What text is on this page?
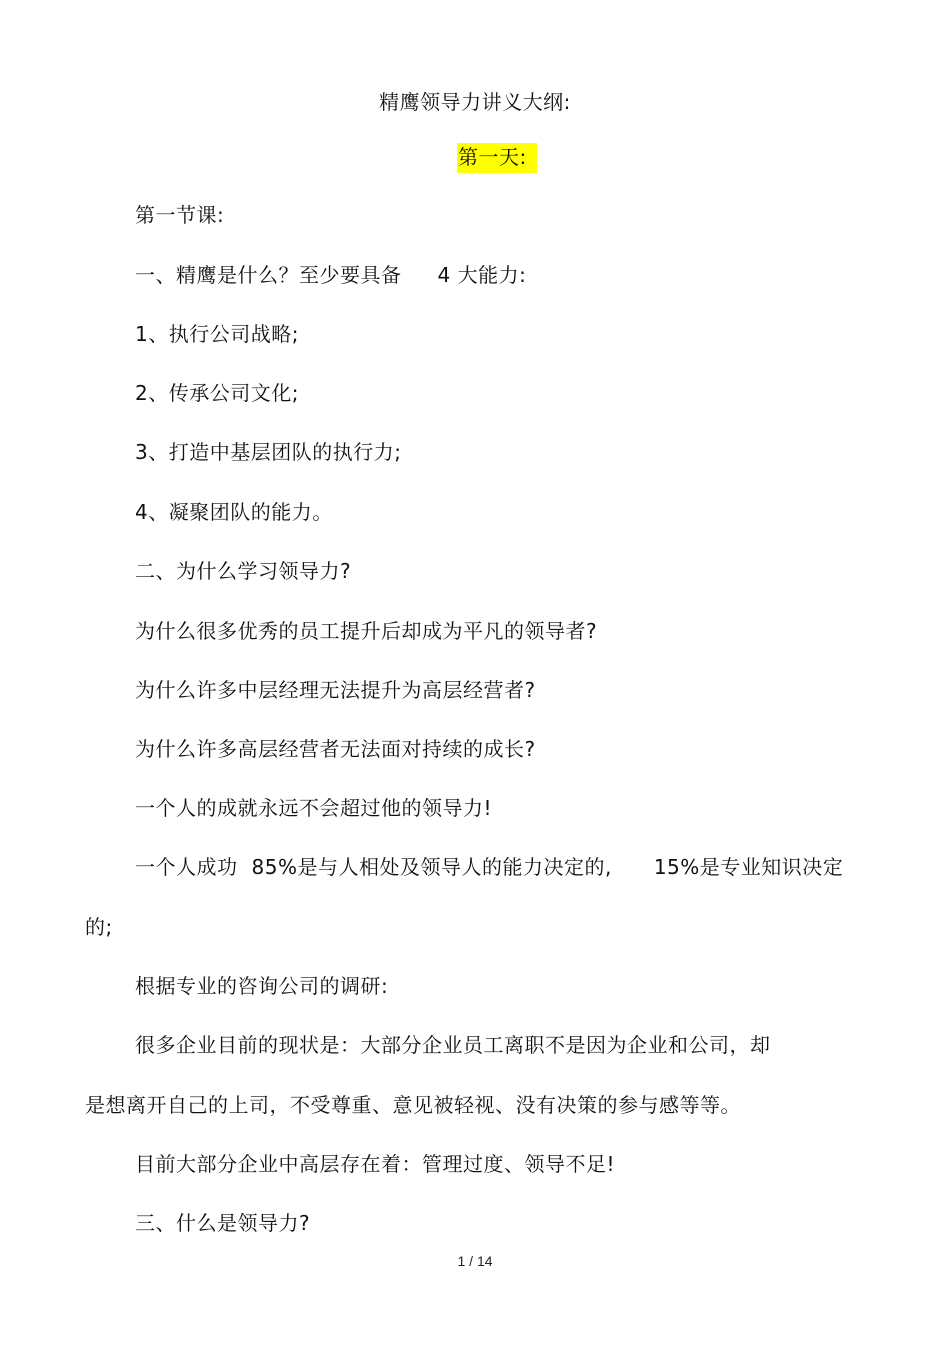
精鹰领导力讲义大纲:
第一天:
第一节课:
一、精鹰是什么？至少要具备 4 大能力:
1、执行公司战略;
2、传承公司文化;
3、打造中基层团队的执行力;
4、凝聚团队的能力。
二、为什么学习领导力?
为什么很多优秀的员工提升后却成为平凡的领导者?
为什么许多中层经理无法提升为高层经营者?
为什么许多高层经营者无法面对持续的成长?
一个人的成就永远不会超过他的领导力!
一个人成功 85%是与人相处及领导人的能力决定的, 15%是专业知识决定
的;
根据专业的咨询公司的调研:
很多企业目前的现状是：大部分企业员工离职不是因为企业和公司，却
是想离开自己的上司，不受尊重、意见被轻视、没有决策的参与感等等。
目前大部分企业中高层存在着：管理过度、领导不足!
三、什么是领导力?
1 / 14
